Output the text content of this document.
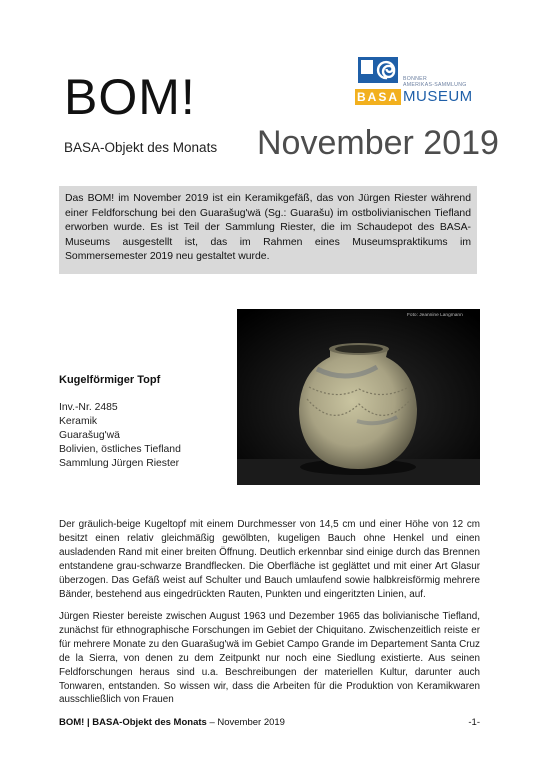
BOM!
BASA-Objekt des Monats November 2019
BONNER
AMERIKAS-SAMMLUNG
BASA MUSEUM
Das BOM! im November 2019 ist ein Keramikgefäß, das von Jürgen Riester während einer Feldforschung bei den Guarašug'wä (Sg.: Guarašu) im ostbolivianischen Tiefland erworben wurde. Es ist Teil der Sammlung Riester, die im Schaudepot des BASA-Museums ausgestellt ist, das im Rahmen eines Museumspraktikums im Sommersemester 2019 neu gestaltet wurde.
Foto: Jeannine Langmann
Kugelförmiger Topf
Inv.-Nr. 2485
Keramik
Guarašug'wä
Bolivien, östliches Tiefland
Sammlung Jürgen Riester
Der gräulich-beige Kugeltopf mit einem Durchmesser von 14,5 cm und einer Höhe von 12 cm besitzt einen relativ gleichmäßig gewölbten, kugeligen Bauch ohne Henkel und einen ausladenden Rand mit einer breiten Öffnung. Deutlich erkennbar sind einige durch das Brennen entstandene grau-schwarze Brandflecken. Die Oberfläche ist geglättet und mit einer Art Glasur überzogen. Das Gefäß weist auf Schulter und Bauch umlaufend sowie halbkreisförmig mehrere Bänder, bestehend aus eingedrückten Rauten, Punkten und eingeritzten Linien, auf.
Jürgen Riester bereiste zwischen August 1963 und Dezember 1965 das bolivianische Tiefland, zunächst für ethnographische Forschungen im Gebiet der Chiquitano. Zwischenzeitlich reiste er für mehrere Monate zu den Guarašug'wä im Gebiet Campo Grande im Departement Santa Cruz de la Sierra, von denen zu dem Zeitpunkt nur noch eine Siedlung existierte. Aus seinen Feldforschungen heraus sind u.a. Beschreibungen der materiellen Kultur, darunter auch Tonwaren, entstanden. So wissen wir, dass die Arbeiten für die Produktion von Keramikwaren ausschließlich von Frauen
BOM! | BASA-Objekt des Monats – November 2019	-1-
